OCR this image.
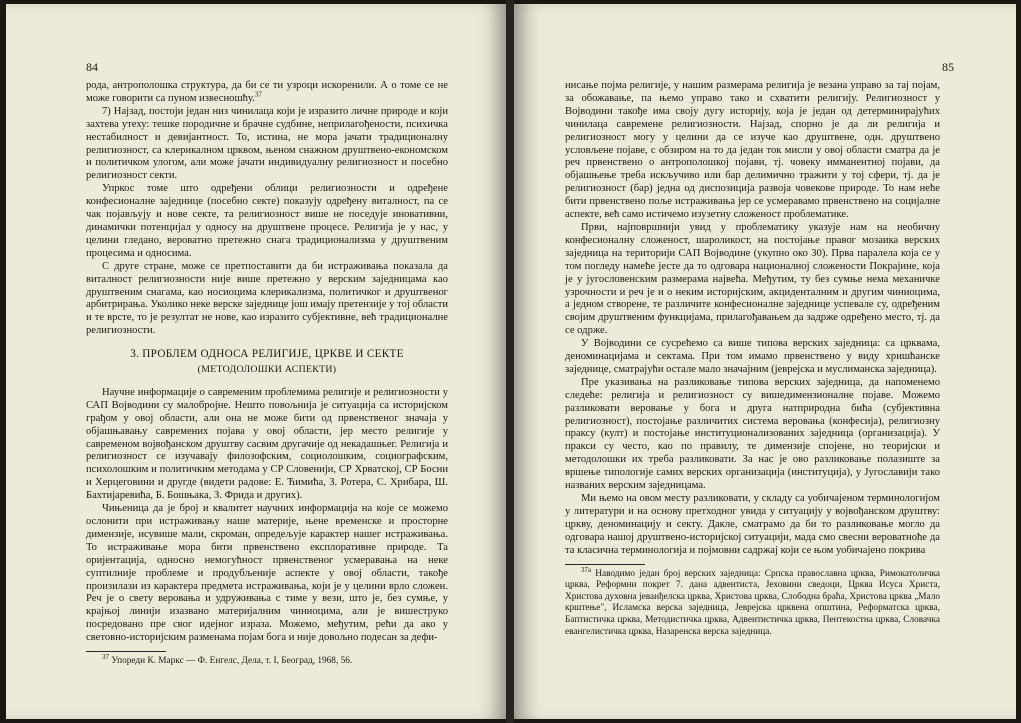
84

рода, антрополошка структура, да би се ти узроци искоренили. А о томе се не може говорити са пуном извесношћу.$^{37}$

7) Најзад, постоји један низ чинилаца који је изразито личне природе и који захтева утеху: тешке породичне и брачне судбине, неприлагођености, психичка нестабилност и девијантност. То, истина, не мора јачати традиционалну религиозност, са клерикалном црквом, њеном снажном друштвено-економском и политичком улогом, али може јачати индивидуалну религиозност и посебно религиозност секти.

Упркос томе што одређени облици религиозности и одређене конфесионалне заједнице (посебно секте) показују одређену виталност, па се чак појављују и нове секте, та религиозност више не поседује иновативни, динамички потенцијал у односу на друштвене процесе. Религија је у нас, у целини гледано, вероватно претежно снага традиционализма у друштвеним процесима и односима.

С друге стране, може се претпоставити да би истраживања показала да виталност религиозности није више претежно у верским заједницама као друштвеним снагама, као носиоцима клерикализма, политичког и друштвеног арбитрирања. Уколико неке верске заједнице још имају претензије у тој области и те врсте, то је резултат не нове, као изразито субјективне, већ традиционалне религиозности.

3. ПРОБЛЕМ ОДНОСА РЕЛИГИЈЕ, ЦРКВЕ И СЕКТЕ
(МЕТОДОЛОШКИ АСПЕКТИ)

Научне информације о савременим проблемима религије и религиозности у САП Војводини су малобројне. Нешто повољнија је ситуација са историјском грађом у овој области, али она не може бити од првенственог значаја у објашњавању савремених појава у овој области, јер место религије у савременом војвођанском друштву сасвим другачије од некадашњег. Религија и религиозност се изучавају филозофским, социолошким, социографским, психолошким и политичким методама у СР Словенији, СР Хрватској, СР Босни и Херцеговини и другде (видети радове: Е. Ћимића, З. Ротера, С. Хрибара, Ш. Бахтијаревића, Б. Бошњака, З. Фрида и других).

Чињеница да је број и квалитет научних информација на које се можемо ослонити при истраживању наше материје, њене временске и просторне димензије, исувише мали, скроман, опредељује карактер нашег истраживања. То истраживање мора бити првенствено експлоративне природе. Та оријентација, односно немогућност првенственог усмеравања на неке суптилније проблеме и продубљеније аспекте у овој области, такође произилази из карактера предмета истраживања, који је у целини врло сложен. Реч је о свету веровања и удруживања с тиме у вези, што је, без сумње, у крајњој линији изазвано материјалним чиниоцима, али је вишеструко посредовано пре свог идејног израза. Можемо, међутим, рећи да ако у световно-историјским разменама појам бога и није довољно подесан за дефи-

$^{37}$ Упореди К. Маркс — Ф. Енгелс, Дела, т. I, Београд, 1968, 56.

85

нисање појма религије, у нашим размерама религија је везана управо за тај појам, за обожавање, па њемо управо тако и схватити религију. Религиозност у Војводини такође има своју дугу историју, која је један од детерминирајућих чинилаца савремене религиозности. Најзад, спорно је да ли религија и религиозност могу у целини да се изучe као друштвене, одн. друштвено условљене појаве, с обзиром на то да један ток мисли у овој области сматра да је реч првенствено о антрополошкој појави, тј. човеку имманентној појави, да објашњење треба искључиво или бар делимично тражити у тој сфери, тј. да је религиозност (бар) једна од диспозиција развоја човекове природе. То нам неће бити првенствено поље истраживања јер се усмеравамо првенствено на социјалне аспекте, већ само истичемо изузетну сложеност проблематике.

Први, најповршнији увид у проблематику указује нам на необичну конфесионалну сложеност, шароликост, на постојање правог мозаика верских заједница на територији САП Војводине (укупно око 30). Прва паралела која се у том погледу намеће јесте да то одговара национaлној сложености Покрајине, која је у југословенским размерама највећа. Међутим, ту без сумње нема механичке узрочности и реч је и о неким историјским, акциденталним и другим чиниоцима, а једном створене, те различите конфесионалне заједнице успевале су, одређеним својим друштвеним функцијама, прилагођавањем да задрже одређено место, тј. да се одрже.

У Војводини се сусрећемо са више типова верских заједница: са црквама, деноминацијама и сектама. При том имамо првенствено у виду хришћанске заједнице, сматрајући остале мало значајним (јеврејска и муслиманска заједница).

Пре указивања на разликовање типова верских заједница, да напоменемо следеће: религија и религиозност су вишедимензионалне појаве. Можемо разликовати веровање у бога и друга натприродна бића (субјективна религиозност), постојање различитих система веровања (конфесија), религиозну праксу (култ) и постојање институционализованих заједница (организација). У пракси су често, као по правилу, те димензије спојене, но теоријски и методолошки их треба разликовати. За нас је ово разликовање полазиште за вршење типологије самих верских организација (институција), у Југославији тако названих верским заједницама.

Ми њемо на овом месту разликовати, у складу са уобичајеном терминологијом у литератури и на основу претходног увида у ситуацију у војвођанском друштву: цркву, деноминацију и секту. Дакле, сматрамо да би то разликовање могло да одговара нашој друштвено-историјској ситуацији, мада смо свесни вероватноће да та класична терминологија и појмовни садржај који се њом уобичајено покрива

$^{37a}$ Наводимо један број верских заједница: Српска православна црква, Римокатоличка црква, Реформни покрет 7. дана адвентиста, Јеховини сведоци, Црква Исуса Христа, Христова духовна јеванђелска црква, Христова црква, Слободна браћа, Христова црква „Мало крштење", Исламска верска заједница, Јеврејска црквена општина, Реформатска црква, Баптистичка црква, Методистичка црква, Адвентистичка црква, Пентекостна црква, Словачка евангелистичка црква, Назаренска верска заједница.
